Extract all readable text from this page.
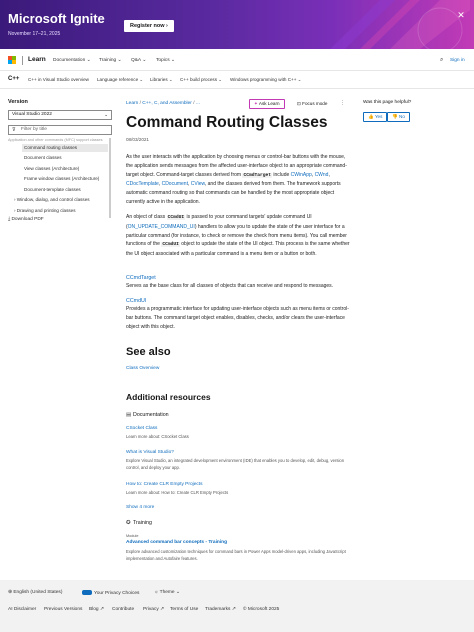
Microsoft Ignite
November 17–21, 2025
Register now ›
✕
Learn Documentation ⌄ Training ⌄ Q&A ⌄ Topics ⌄	⌕ Sign in
C++ C++ in Visual Studio overview Language reference ⌄ Libraries ⌄ C++ build process ⌄ Windows programming with C++ ⌄
Version
Visual Studio 2022	⌄
⊽ Filter by title
Application and other commands (MFC) support classes
Command routing classes
Document classes
View classes (Architecture)
Frame window classes (Architecture)
Document-template classes
› Window, dialog, and control classes
› Drawing and printing classes
⤓ Download PDF
Learn / C++, C, and Assembler / ...	✦ Ask Learn	⊡ Focus mode	⋮
Command Routing Classes
08/03/2021
As the user interacts with the application by choosing menus or control-bar buttons with the mouse, the application sends messages from the affected user-interface object to an appropriate command-target object. Command-target classes derived from CCmdTarget include CWinApp, CWnd, CDocTemplate, CDocument, CView, and the classes derived from them. The framework supports automatic command routing so that commands can be handled by the most appropriate object currently active in the application.
An object of class CCmdUI is passed to your command targets' update command UI (ON_UPDATE_COMMAND_UI) handlers to allow you to update the state of the user interface for a particular command (for instance, to check or remove the check from menu items). You call member functions of the CCmdUI object to update the state of the UI object. This process is the same whether the UI object associated with a particular command is a menu item or a button or both.
CCmdTarget
Serves as the base class for all classes of objects that can receive and respond to messages.
CCmdUI
Provides a programmatic interface for updating user-interface objects such as menu items or control-bar buttons. The command target object enables, disables, checks, and/or clears the user-interface object with this object.
See also
Class Overview
Additional resources
▤ Documentation
CSocket Class
Learn more about: CSocket Class
What is Visual Studio?
Explore Visual Studio, an integrated development environment (IDE) that enables you to develop, edit, debug, version control, and deploy your app.
How to: Create CLR Empty Projects
Learn more about: How to: Create CLR Empty Projects
Show 4 more
✪ Training
Module
Advanced command bar concepts - Training
Explore advanced customization techniques for command bars in Power Apps model-driven apps, including JavaScript implementation and Autofaire features.
Was this page helpful?
👍 Yes	👎 No
⊕ English (United States)	Your Privacy Choices	☼ Theme ⌄
AI Disclaimer Previous Versions Blog ↗ Contribute Privacy ↗ Terms of Use Trademarks ↗ © Microsoft 2025
